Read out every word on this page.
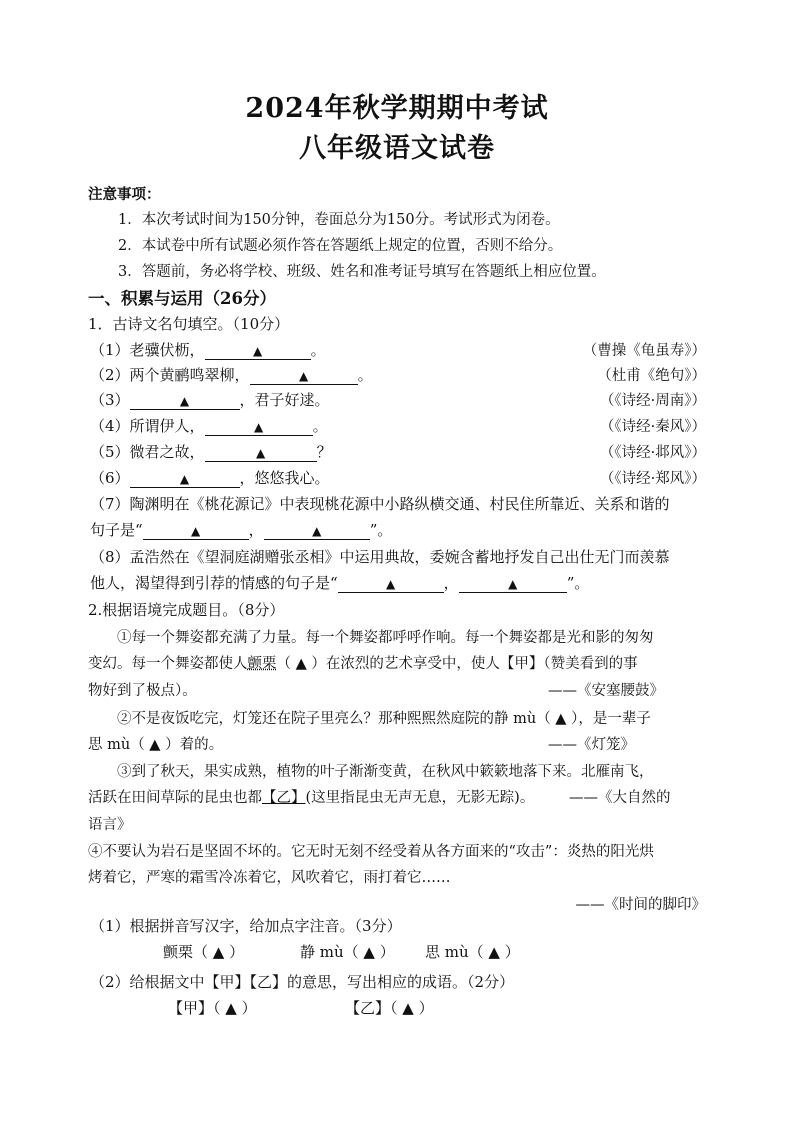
2024年秋学期期中考试
八年级语文试卷
注意事项：
1．本次考试时间为150分钟，卷面总分为150分。考试形式为闭卷。
2．本试卷中所有试题必须作答在答题纸上规定的位置，否则不给分。
3．答题前，务必将学校、班级、姓名和准考证号填写在答题纸上相应位置。
一、积累与运用（26分）
1．古诗文名句填空。（10分）
（1）老骥伏枥，	▲	。	（曹操《龟虽寿》）
（2）两个黄鹂鸣翠柳，	▲	。	（杜甫《绝句》）
（3）	▲	，君子好逑。	（《诗经·周南》）
（4）所谓伊人，	▲	。	（《诗经·秦风》）
（5）微君之故，	▲	？	（《诗经·邶风》）
（6）	▲	，悠悠我心。	（《诗经·郑风》）
（7）陶渊明在《桃花源记》中表现桃花源中小路纵横交通、村民住所靠近、关系和谐的
句子是“	▲	，	▲	”。
（8）孟浩然在《望洞庭湖赠张丞相》中运用典故，委婉含蓄地抒发自己出仕无门而羡慕
他人，渴望得到引荐的情感的句子是“	▲	，	▲	”。
2.根据语境完成题目。（8分）
①每一个舞姿都充满了力量。每一个舞姿都呼呼作响。每一个舞姿都是光和影的匆匆
变幻。每一个舞姿都使人颤栗（ ▲ ）在浓烈的艺术享受中，使人【甲】（赞美看到的事
物好到了极点）。	——《安塞腰鼓》
②不是夜饭吃完，灯笼还在院子里亮么？那种熙熙然庭院的静 mù（ ▲ ），是一辈子
思 mù（ ▲ ）着的。	——《灯笼》
③到了秋天，果实成熟，植物的叶子渐渐变黄，在秋风中簌簌地落下来。北雁南飞，
活跃在田间草际的昆虫也都【乙】(这里指昆虫无声无息，无影无踪)。 ——《大自然的
语言》
④不要认为岩石是坚固不坏的。它无时无刻不经受着从各方面来的“攻击”：炎热的阳光烘
烤着它，严寒的霜雪冷冻着它，风吹着它，雨打着它……
——《时间的脚印》
（1）根据拼音写汉字，给加点字注音。（3分）
颤栗（ ▲ ）	静 mù（ ▲ ） 思 mù（ ▲ ）
（2）给根据文中【甲】【乙】的意思，写出相应的成语。（2分）
【甲】（ ▲ ）	【乙】（ ▲ ）
